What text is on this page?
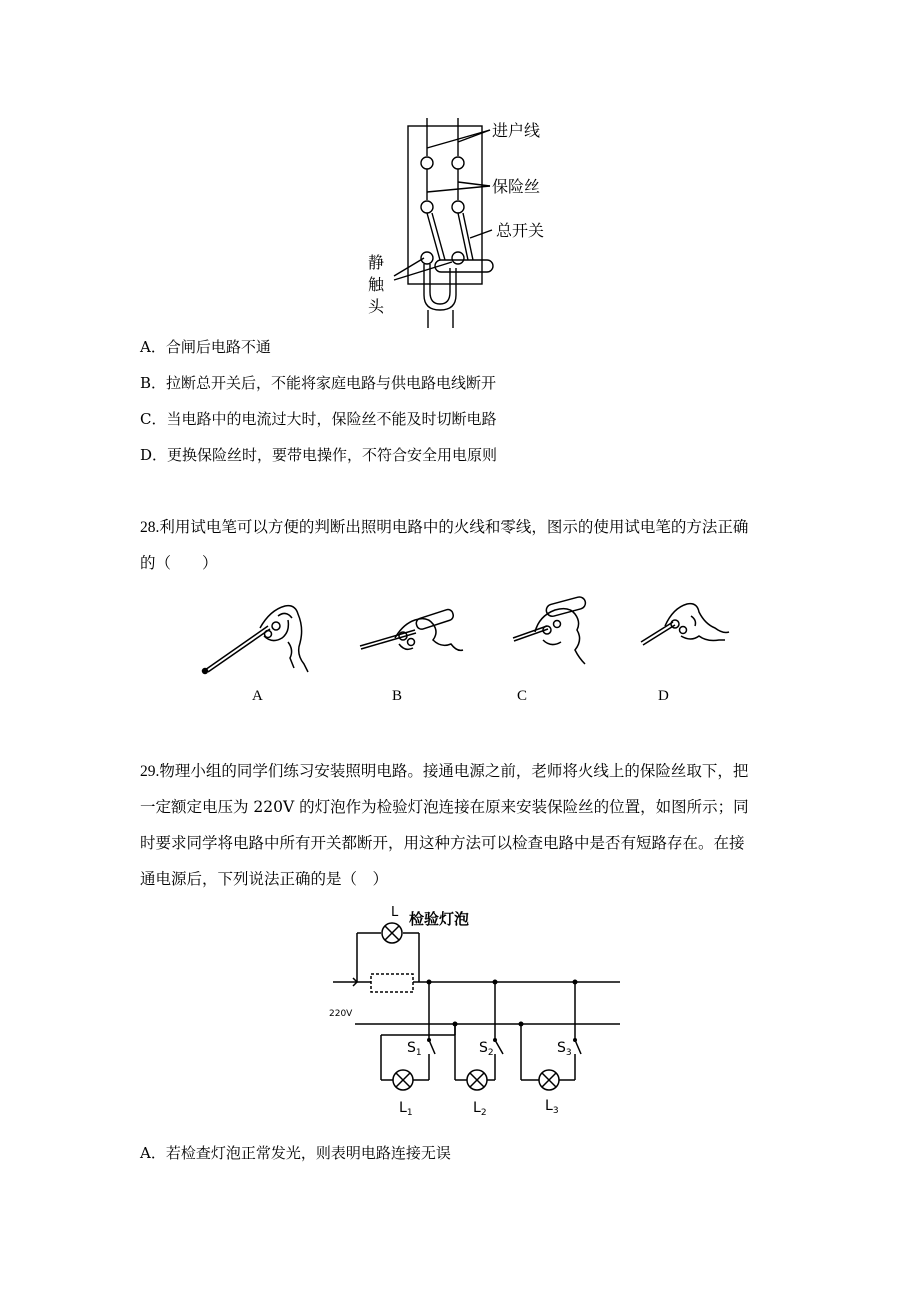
进户线
保险丝
总开关
静
触
头
A．合闸后电路不通
B．拉断总开关后，不能将家庭电路与供电路电线断开
C．当电路中的电流过大时，保险丝不能及时切断电路
D．更换保险丝时，要带电操作，不符合安全用电原则
28.利用试电笔可以方便的判断出照明电路中的火线和零线，图示的使用试电笔的方法正确
的（　　）
A	B	C	D
29.物理小组的同学们练习安装照明电路。接通电源之前，老师将火线上的保险丝取下，把
一定额定电压为 220V 的灯泡作为检验灯泡连接在原来安装保险丝的位置，如图所示；同
时要求同学将电路中所有开关都断开，用这种方法可以检查电路中是否有短路存在。在接
通电源后，下列说法正确的是（　）
L 检验灯泡
220V
$S_1$	$S_2$	$S_3$
$L_1$	$L_2$	$L_3$
A．若检查灯泡正常发光，则表明电路连接无误
